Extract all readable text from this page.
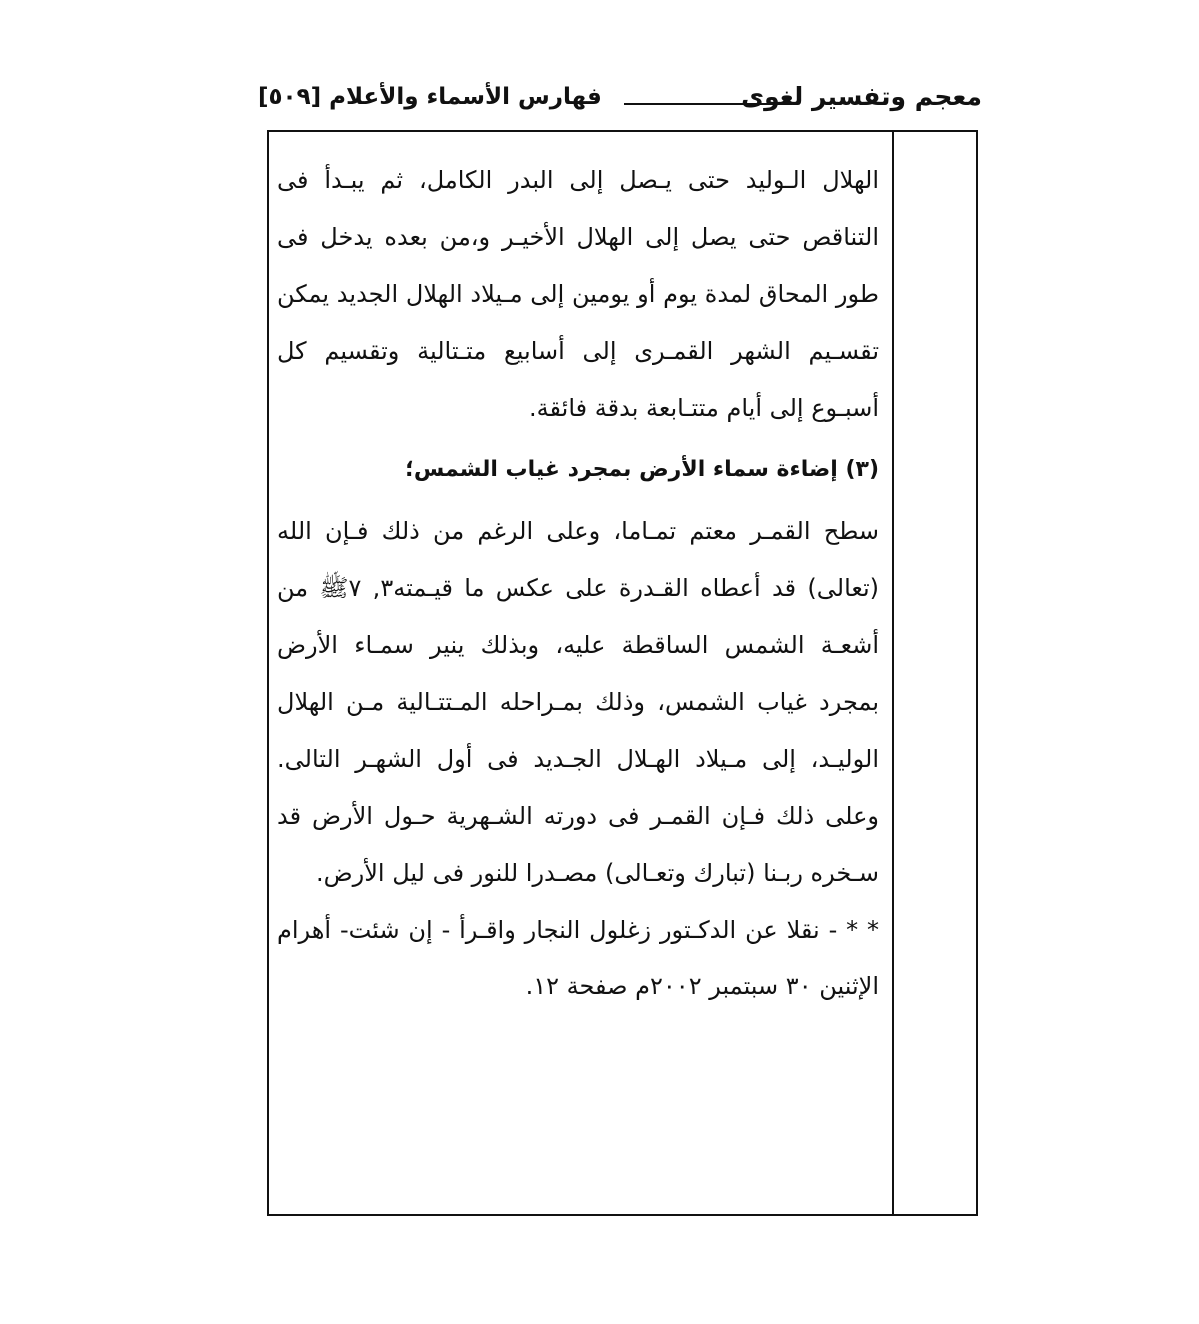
معجم وتفسير لغوى
فهارس الأسماء والأعلام [٥٠٩]

الهلال الـوليد حتى يـصل إلى البدر الكامل، ثم يبـدأ فى التناقص حتى يصل إلى الهلال الأخيـر و،من بعده يدخل فى طور المحاق لمدة يوم أو يومين إلى مـيلاد الهلال الجديد يمكن تقسـيم الشهر القمـرى إلى أسابيع متـتالية وتقسيم كل أسبـوع إلى أيام متتـابعة بدقة فائقة.

(٣) إضاءة سماء الأرض بمجرد غياب الشمس؛

سطح القمـر معتم تمـاما، وعلى الرغم من ذلك فـإن الله (تعالى) قد أعطاه القـدرة على عكس ما قيـمته٣, ٧ﷺ من أشعـة الشمس الساقطة عليه، وبذلك ينير سمـاء الأرض بمجرد غياب الشمس، وذلك بمـراحله المـتتـالية مـن الهلال الوليـد، إلى مـيلاد الهـلال الجـديد فى أول الشهـر التالى. وعلى ذلك فـإن القمـر فى دورته الشـهرية حـول الأرض قد سـخره ربـنا (تبارك وتعـالى) مصـدرا للنور فى ليل الأرض.

* * - نقلا عن الدكـتور زغلول النجار واقـرأ - إن شئت- أهرام الإثنين ٣٠ سبتمبر ٢٠٠٢م صفحة ١٢.
